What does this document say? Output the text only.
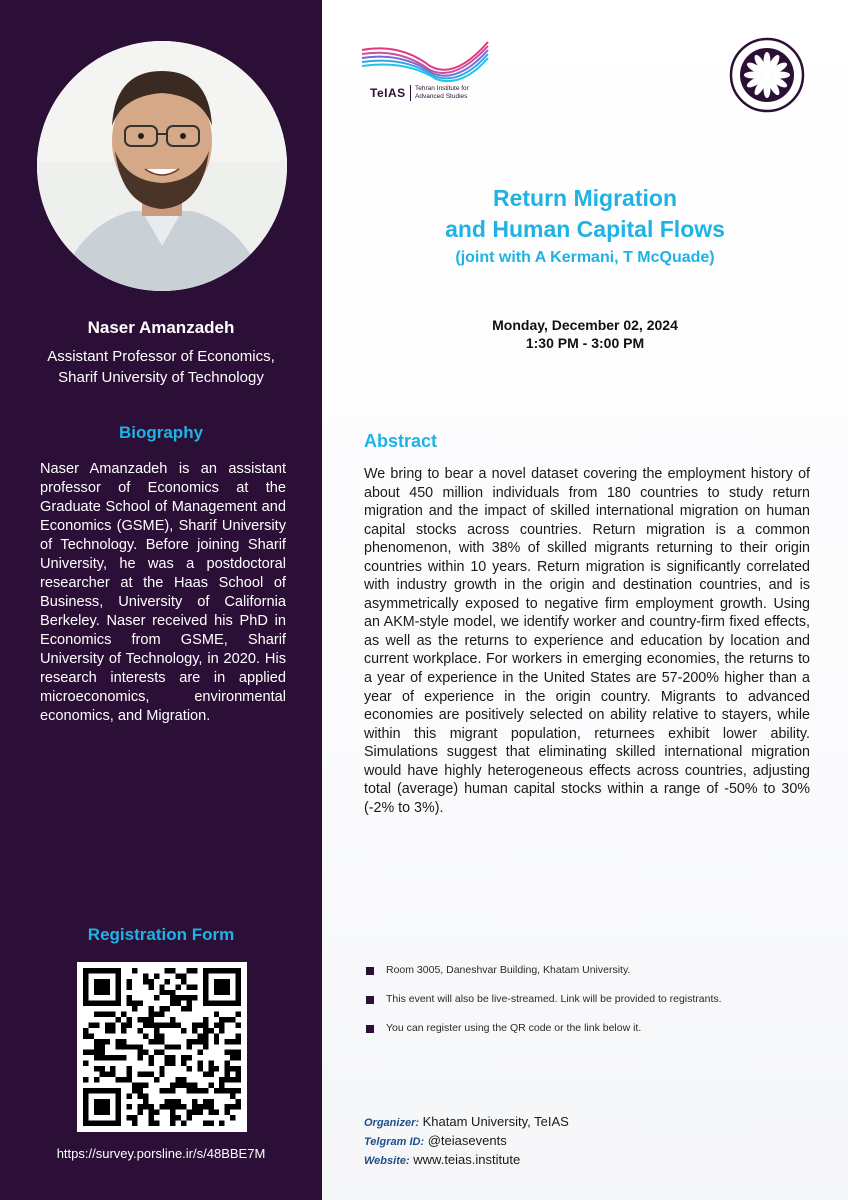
Naser Amanzadeh
Assistant Professor of Economics,
Sharif University of Technology
Biography
Naser Amanzadeh is an assistant professor of Economics at the Graduate School of Management and Economics (GSME), Sharif University of Technology. Before joining Sharif University, he was a postdoctoral researcher at the Haas School of Business, University of California Berkeley. Naser received his PhD in Economics from GSME, Sharif University of Technology, in 2020. His research interests are in applied microeconomics, environmental economics, and Migration.
Registration Form
https://survey.porsline.ir/s/48BBE7M
TeIAS Tehran Institute for
Advanced Studies
Return Migration
and Human Capital Flows
(joint with A Kermani, T McQuade)
Monday, December 02, 2024
1:30 PM - 3:00 PM
Abstract
We bring to bear a novel dataset covering the employment history of about 450 million individuals from 180 countries to study return migration and the impact of skilled international migration on human capital stocks across countries. Return migration is a common phenomenon, with 38% of skilled migrants returning to their origin countries within 10 years. Return migration is significantly correlated with industry growth in the origin and destination countries, and is asymmetrically exposed to negative firm employment growth. Using an AKM-style model, we identify worker and country-firm fixed effects, as well as the returns to experience and education by location and current workplace. For workers in emerging economies, the returns to a year of experience in the United States are 57-200% higher than a year of experience in the origin country. Migrants to advanced economies are positively selected on ability relative to stayers, while within this migrant population, returnees exhibit lower ability. Simulations suggest that eliminating skilled international migration would have highly heterogeneous effects across countries, adjusting total (average) human capital stocks within a range of -50% to 30% (-2% to 3%).
Room 3005, Daneshvar Building, Khatam University.
This event will also be live-streamed. Link will be provided to registrants.
You can register using the QR code or the link below it.
Organizer: Khatam University, TeIAS
Telgram ID: @teiasevents
Website: www.teias.institute
